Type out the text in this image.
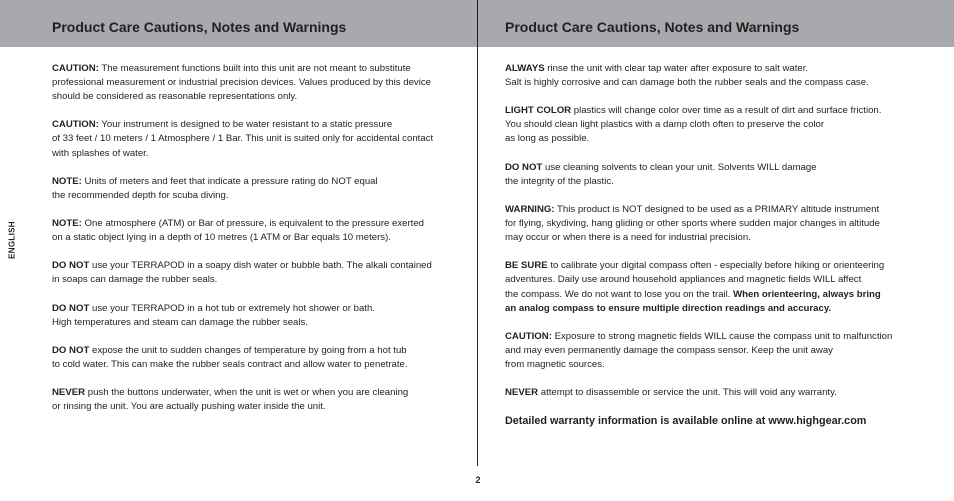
Product Care Cautions, Notes and Warnings	Product Care Cautions, Notes and Warnings
ENGLISH

CAUTION: The measurement functions built into this unit are not meant to substitute
professional measurement or industrial precision devices. Values produced by this device
should be considered as reasonable representations only.

CAUTION: Your instrument is designed to be water resistant to a static pressure
of 33 feet / 10 meters / 1 Atmosphere / 1 Bar. This unit is suited only for accidental contact
with splashes of water.

NOTE: Units of meters and feet that indicate a pressure rating do NOT equal
the recommended depth for scuba diving.

NOTE: One atmosphere (ATM) or Bar of pressure, is equivalent to the pressure exerted
on a static object lying in a depth of 10 metres (1 ATM or Bar equals 10 meters).

DO NOT use your TERRAPOD in a soapy dish water or bubble bath. The alkali contained
in soaps can damage the rubber seals.

DO NOT use your TERRAPOD in a hot tub or extremely hot shower or bath.
High temperatures and steam can damage the rubber seals.

DO NOT expose the unit to sudden changes of temperature by going from a hot tub
to cold water. This can make the rubber seals contract and allow water to penetrate.

NEVER push the buttons underwater, when the unit is wet or when you are cleaning
or rinsing the unit. You are actually pushing water inside the unit.

ALWAYS rinse the unit with clear tap water after exposure to salt water.
Salt is highly corrosive and can damage both the rubber seals and the compass case.

LIGHT COLOR plastics will change color over time as a result of dirt and surface friction.
You should clean light plastics with a damp cloth often to preserve the color
as long as possible.

DO NOT use cleaning solvents to clean your unit. Solvents WILL damage
the integrity of the plastic.

WARNING: This product is NOT designed to be used as a PRIMARY altitude instrument
for flying, skydiving, hang gliding or other sports where sudden major changes in altitude
may occur or when there is a need for industrial precision.

BE SURE to calibrate your digital compass often - especially before hiking or orienteering
adventures. Daily use around household appliances and magnetic fields WILL affect
the compass. We do not want to lose you on the trail. When orienteering, always bring
an analog compass to ensure multiple direction readings and accuracy.

CAUTION: Exposure to strong magnetic fields WILL cause the compass unit to malfunction
and may even permanently damage the compass sensor. Keep the unit away
from magnetic sources.

NEVER attempt to disassemble or service the unit. This will void any warranty.

Detailed warranty information is available online at www.highgear.com

2
